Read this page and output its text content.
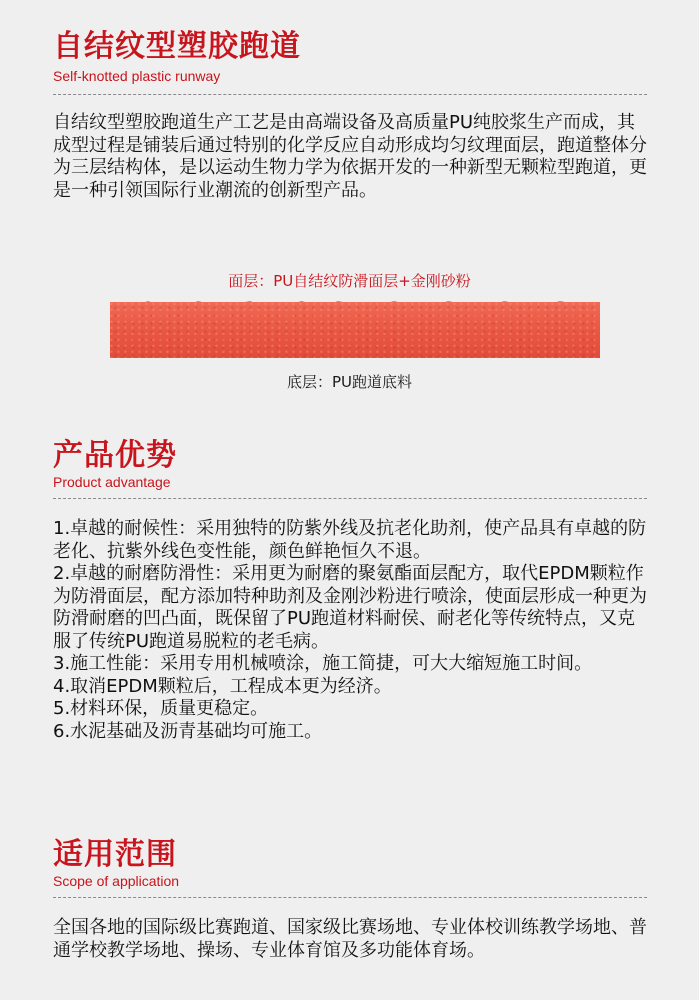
自结纹型塑胶跑道
Self-knotted plastic runway

自结纹型塑胶跑道生产工艺是由高端设备及高质量PU纯胶浆生产而成，其成型过程是铺装后通过特别的化学反应自动形成均匀纹理面层，跑道整体分为三层结构体，是以运动生物力学为依据开发的一种新型无颗粒型跑道，更是一种引领国际行业潮流的创新型产品。

面层：PU自结纹防滑面层+金刚砂粉
底层：PU跑道底料
产品优势
Product advantage

1.卓越的耐候性：采用独特的防紫外线及抗老化助剂，使产品具有卓越的防老化、抗紫外线色变性能，颜色鲜艳恒久不退。

2.卓越的耐磨防滑性：采用更为耐磨的聚氨酯面层配方，取代EPDM颗粒作为防滑面层，配方添加特种助剂及金刚沙粉进行喷涂，使面层形成一种更为防滑耐磨的凹凸面，既保留了PU跑道材料耐侯、耐老化等传统特点，又克服了传统PU跑道易脱粒的老毛病。

3.施工性能：采用专用机械喷涂，施工简捷，可大大缩短施工时间。

4.取消EPDM颗粒后，工程成本更为经济。

5.材料环保，质量更稳定。

6.水泥基础及沥青基础均可施工。

适用范围
Scope of application

全国各地的国际级比赛跑道、国家级比赛场地、专业体校训练教学场地、普通学校教学场地、操场、专业体育馆及多功能体育场。
